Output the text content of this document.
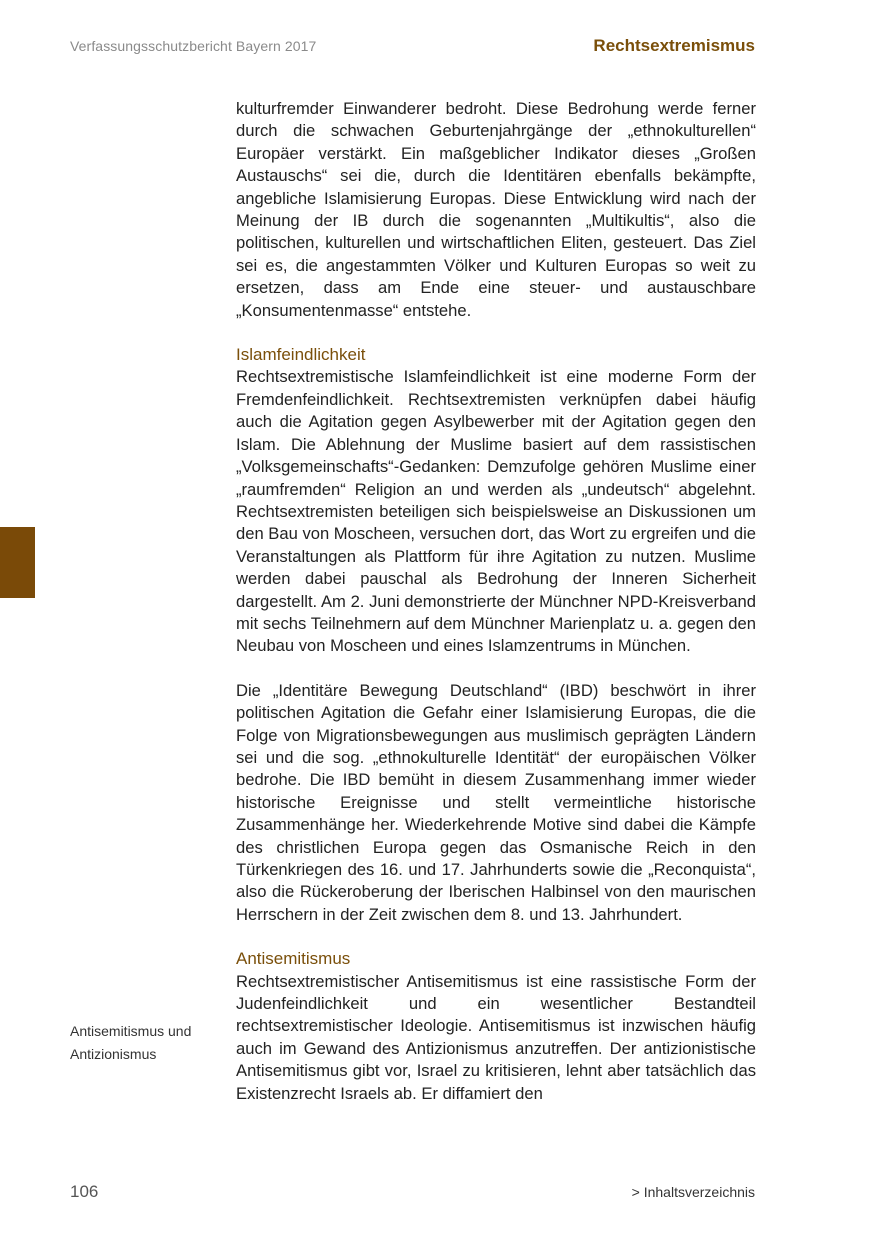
Verfassungsschutzbericht Bayern 2017	Rechtsextremismus

kulturfremder Einwanderer bedroht. Diese Bedrohung werde ferner durch die schwachen Geburtenjahrgänge der „ethnokulturellen“ Europäer verstärkt. Ein maßgeblicher Indikator dieses „Großen Austauschs“ sei die, durch die Identitären ebenfalls bekämpfte, angebliche Islamisierung Europas. Diese Entwicklung wird nach der Meinung der IB durch die sogenannten „Multikultis“, also die politischen, kulturellen und wirtschaftlichen Eliten, gesteuert. Das Ziel sei es, die angestammten Völker und Kulturen Europas so weit zu ersetzen, dass am Ende eine steuer- und austauschbare „Konsumentenmasse“ entstehe.

Islamfeindlichkeit

Rechtsextremistische Islamfeindlichkeit ist eine moderne Form der Fremdenfeindlichkeit. Rechtsextremisten verknüpfen dabei häufig auch die Agitation gegen Asylbewerber mit der Agitation gegen den Islam. Die Ablehnung der Muslime basiert auf dem rassistischen „Volksgemeinschafts“-Gedanken: Demzufolge gehören Muslime einer „raumfremden“ Religion an und werden als „undeutsch“ abgelehnt. Rechtsextremisten beteiligen sich beispielsweise an Diskussionen um den Bau von Moscheen, versuchen dort, das Wort zu ergreifen und die Veranstaltungen als Plattform für ihre Agitation zu nutzen. Muslime werden dabei pauschal als Bedrohung der Inneren Sicherheit dargestellt. Am 2. Juni demonstrierte der Münchner NPD-Kreisverband mit sechs Teilnehmern auf dem Münchner Marienplatz u. a. gegen den Neubau von Moscheen und eines Islamzentrums in München.

Die „Identitäre Bewegung Deutschland“ (IBD) beschwört in ihrer politischen Agitation die Gefahr einer Islamisierung Europas, die die Folge von Migrationsbewegungen aus muslimisch geprägten Ländern sei und die sog. „ethnokulturelle Identität“ der europäischen Völker bedrohe. Die IBD bemüht in diesem Zusammenhang immer wieder historische Ereignisse und stellt vermeintliche historische Zusammenhänge her. Wiederkehrende Motive sind dabei die Kämpfe des christlichen Europa gegen das Osmanische Reich in den Türkenkriegen des 16. und 17. Jahrhunderts sowie die „Reconquista“, also die Rückeroberung der Iberischen Halbinsel von den maurischen Herrschern in der Zeit zwischen dem 8. und 13. Jahrhundert.

Antisemitismus

Rechtsextremistischer Antisemitismus ist eine rassistische Form der Judenfeindlichkeit und ein wesentlicher Bestandteil rechtsextremistischer Ideologie. Antisemitismus ist inzwischen häufig auch im Gewand des Antizionismus anzutreffen. Der antizionistische Antisemitismus gibt vor, Israel zu kritisieren, lehnt aber tatsächlich das Existenzrecht Israels ab. Er diffamiert den

Antisemitismus und
Antizionismus
106	> Inhaltsverzeichnis
